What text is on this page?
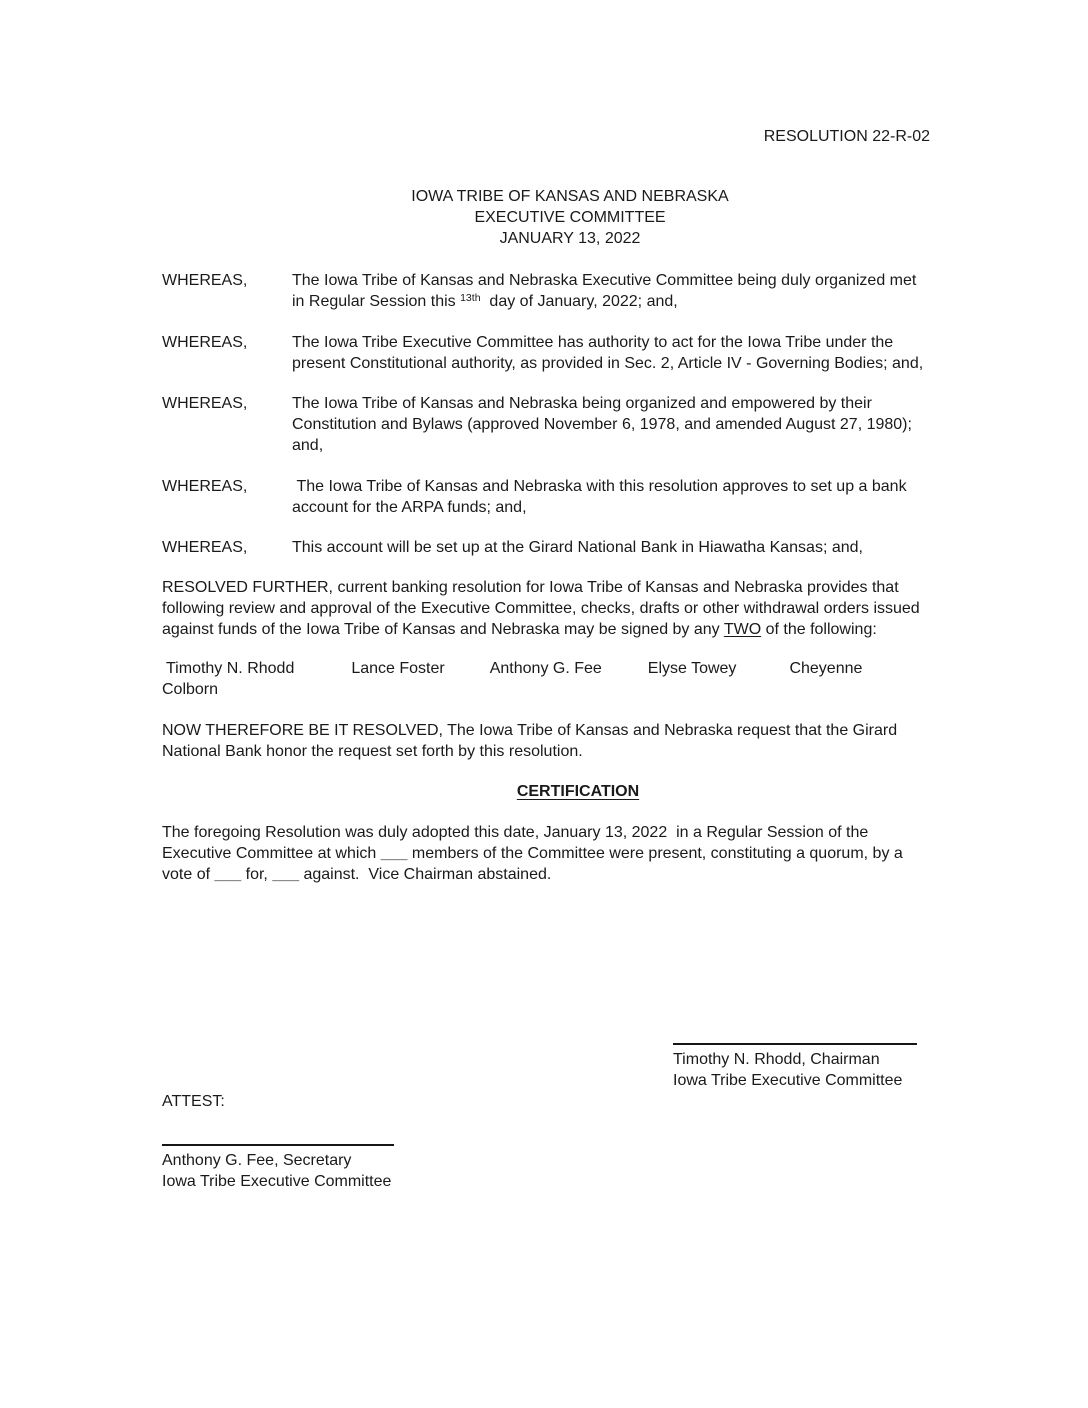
RESOLUTION 22-R-02
IOWA TRIBE OF KANSAS AND NEBRASKA
EXECUTIVE COMMITTEE
JANUARY 13, 2022
WHEREAS,	The Iowa Tribe of Kansas and Nebraska Executive Committee being duly organized met in Regular Session this $^{13th}$  day of January, 2022; and,
WHEREAS,	The Iowa Tribe Executive Committee has authority to act for the Iowa Tribe under the present Constitutional authority, as provided in Sec. 2, Article IV - Governing Bodies; and,
WHEREAS,	The Iowa Tribe of Kansas and Nebraska being organized and empowered by their Constitution and Bylaws (approved November 6, 1978, and amended August 27, 1980); and,
WHEREAS,	The Iowa Tribe of Kansas and Nebraska with this resolution approves to set up a bank account for the ARPA funds; and,
WHEREAS,	This account will be set up at the Girard National Bank in Hiawatha Kansas; and,
RESOLVED FURTHER, current banking resolution for Iowa Tribe of Kansas and Nebraska provides that following review and approval of the Executive Committee, checks, drafts or other withdrawal orders issued against funds of the Iowa Tribe of Kansas and Nebraska may be signed by any TWO of the following:
Timothy N. Rhodd	Lance Foster	Anthony G. Fee	Elyse Towey	Cheyenne
Colborn
NOW THEREFORE BE IT RESOLVED, The Iowa Tribe of Kansas and Nebraska request that the Girard National Bank honor the request set forth by this resolution.
CERTIFICATION
The foregoing Resolution was duly adopted this date, January 13, 2022  in a Regular Session of the Executive Committee at which ___ members of the Committee were present, constituting a quorum, by a vote of ___ for, ___ against.  Vice Chairman abstained.
Timothy N. Rhodd, Chairman
Iowa Tribe Executive Committee
ATTEST:
Anthony G. Fee, Secretary
Iowa Tribe Executive Committee
